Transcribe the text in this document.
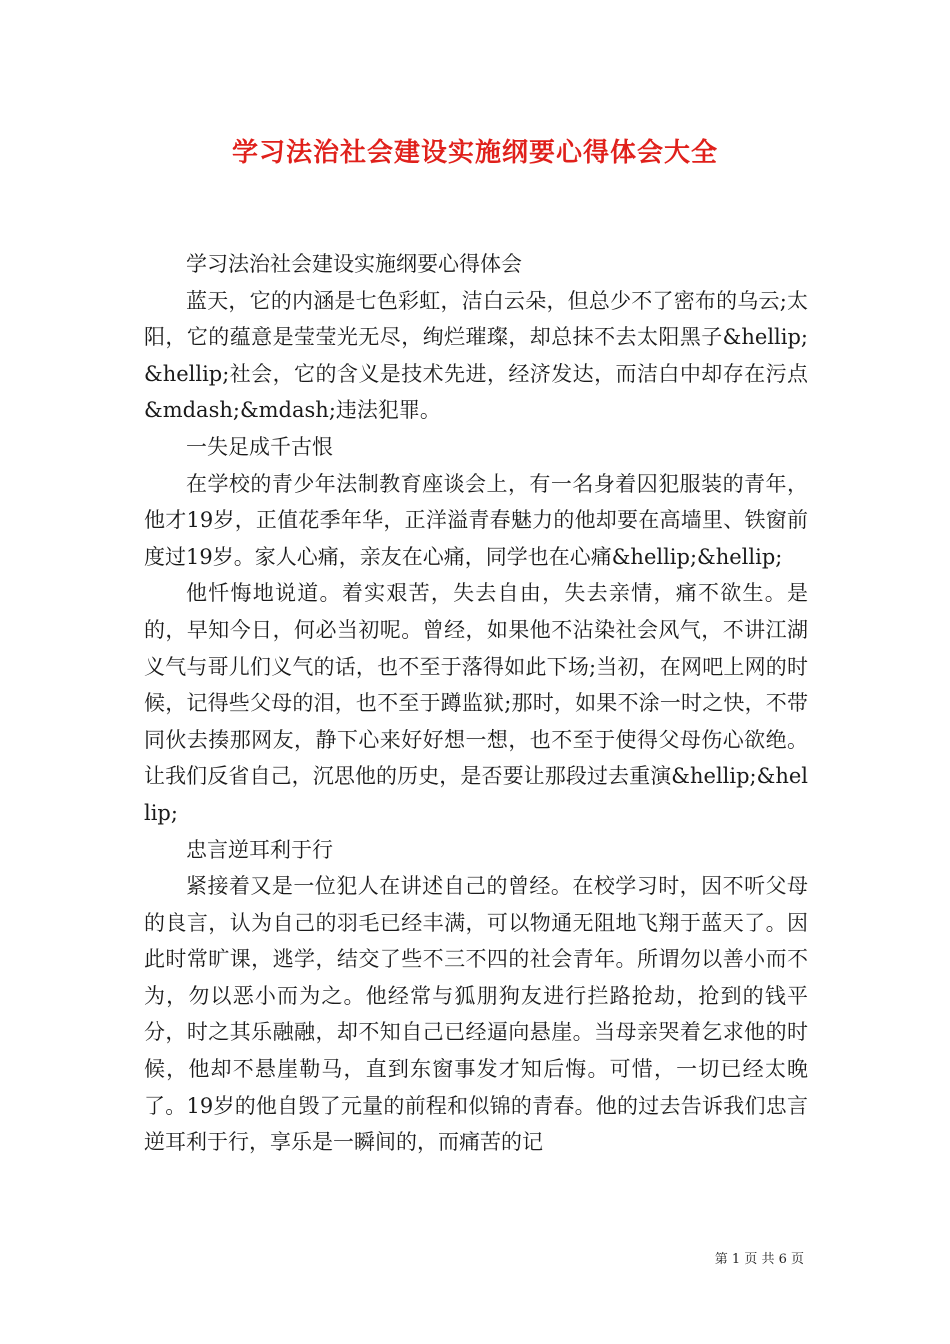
学习法治社会建设实施纲要心得体会大全

学习法治社会建设实施纲要心得体会

蓝天，它的内涵是七色彩虹，洁白云朵，但总少不了密布的乌云;太阳，它的蕴意是莹莹光无尽，绚烂璀璨，却总抹不去太阳黑子&hellip;&hellip;社会，它的含义是技术先进，经济发达，而洁白中却存在污点&mdash;&mdash;违法犯罪。

一失足成千古恨

在学校的青少年法制教育座谈会上，有一名身着囚犯服装的青年，他才19岁，正值花季年华，正洋溢青春魅力的他却要在高墙里、铁窗前度过19岁。家人心痛，亲友在心痛，同学也在心痛&hellip;&hellip;

他忏悔地说道。着实艰苦，失去自由，失去亲情，痛不欲生。是的，早知今日，何必当初呢。曾经，如果他不沾染社会风气，不讲江湖义气与哥儿们义气的话，也不至于落得如此下场;当初，在网吧上网的时候，记得些父母的泪，也不至于蹲监狱;那时，如果不涂一时之快，不带同伙去揍那网友，静下心来好好想一想，也不至于使得父母伤心欲绝。让我们反省自己，沉思他的历史，是否要让那段过去重演&hellip;&hellip;

忠言逆耳利于行

紧接着又是一位犯人在讲述自己的曾经。在校学习时，因不听父母的良言，认为自己的羽毛已经丰满，可以物通无阻地飞翔于蓝天了。因此时常旷课，逃学，结交了些不三不四的社会青年。所谓勿以善小而不为，勿以恶小而为之。他经常与狐朋狗友进行拦路抢劫，抢到的钱平分，时之其乐融融，却不知自己已经逼向悬崖。当母亲哭着乞求他的时候，他却不悬崖勒马，直到东窗事发才知后悔。可惜，一切已经太晚了。19岁的他自毁了元量的前程和似锦的青春。他的过去告诉我们忠言逆耳利于行，享乐是一瞬间的，而痛苦的记

第 1 页 共 6 页
